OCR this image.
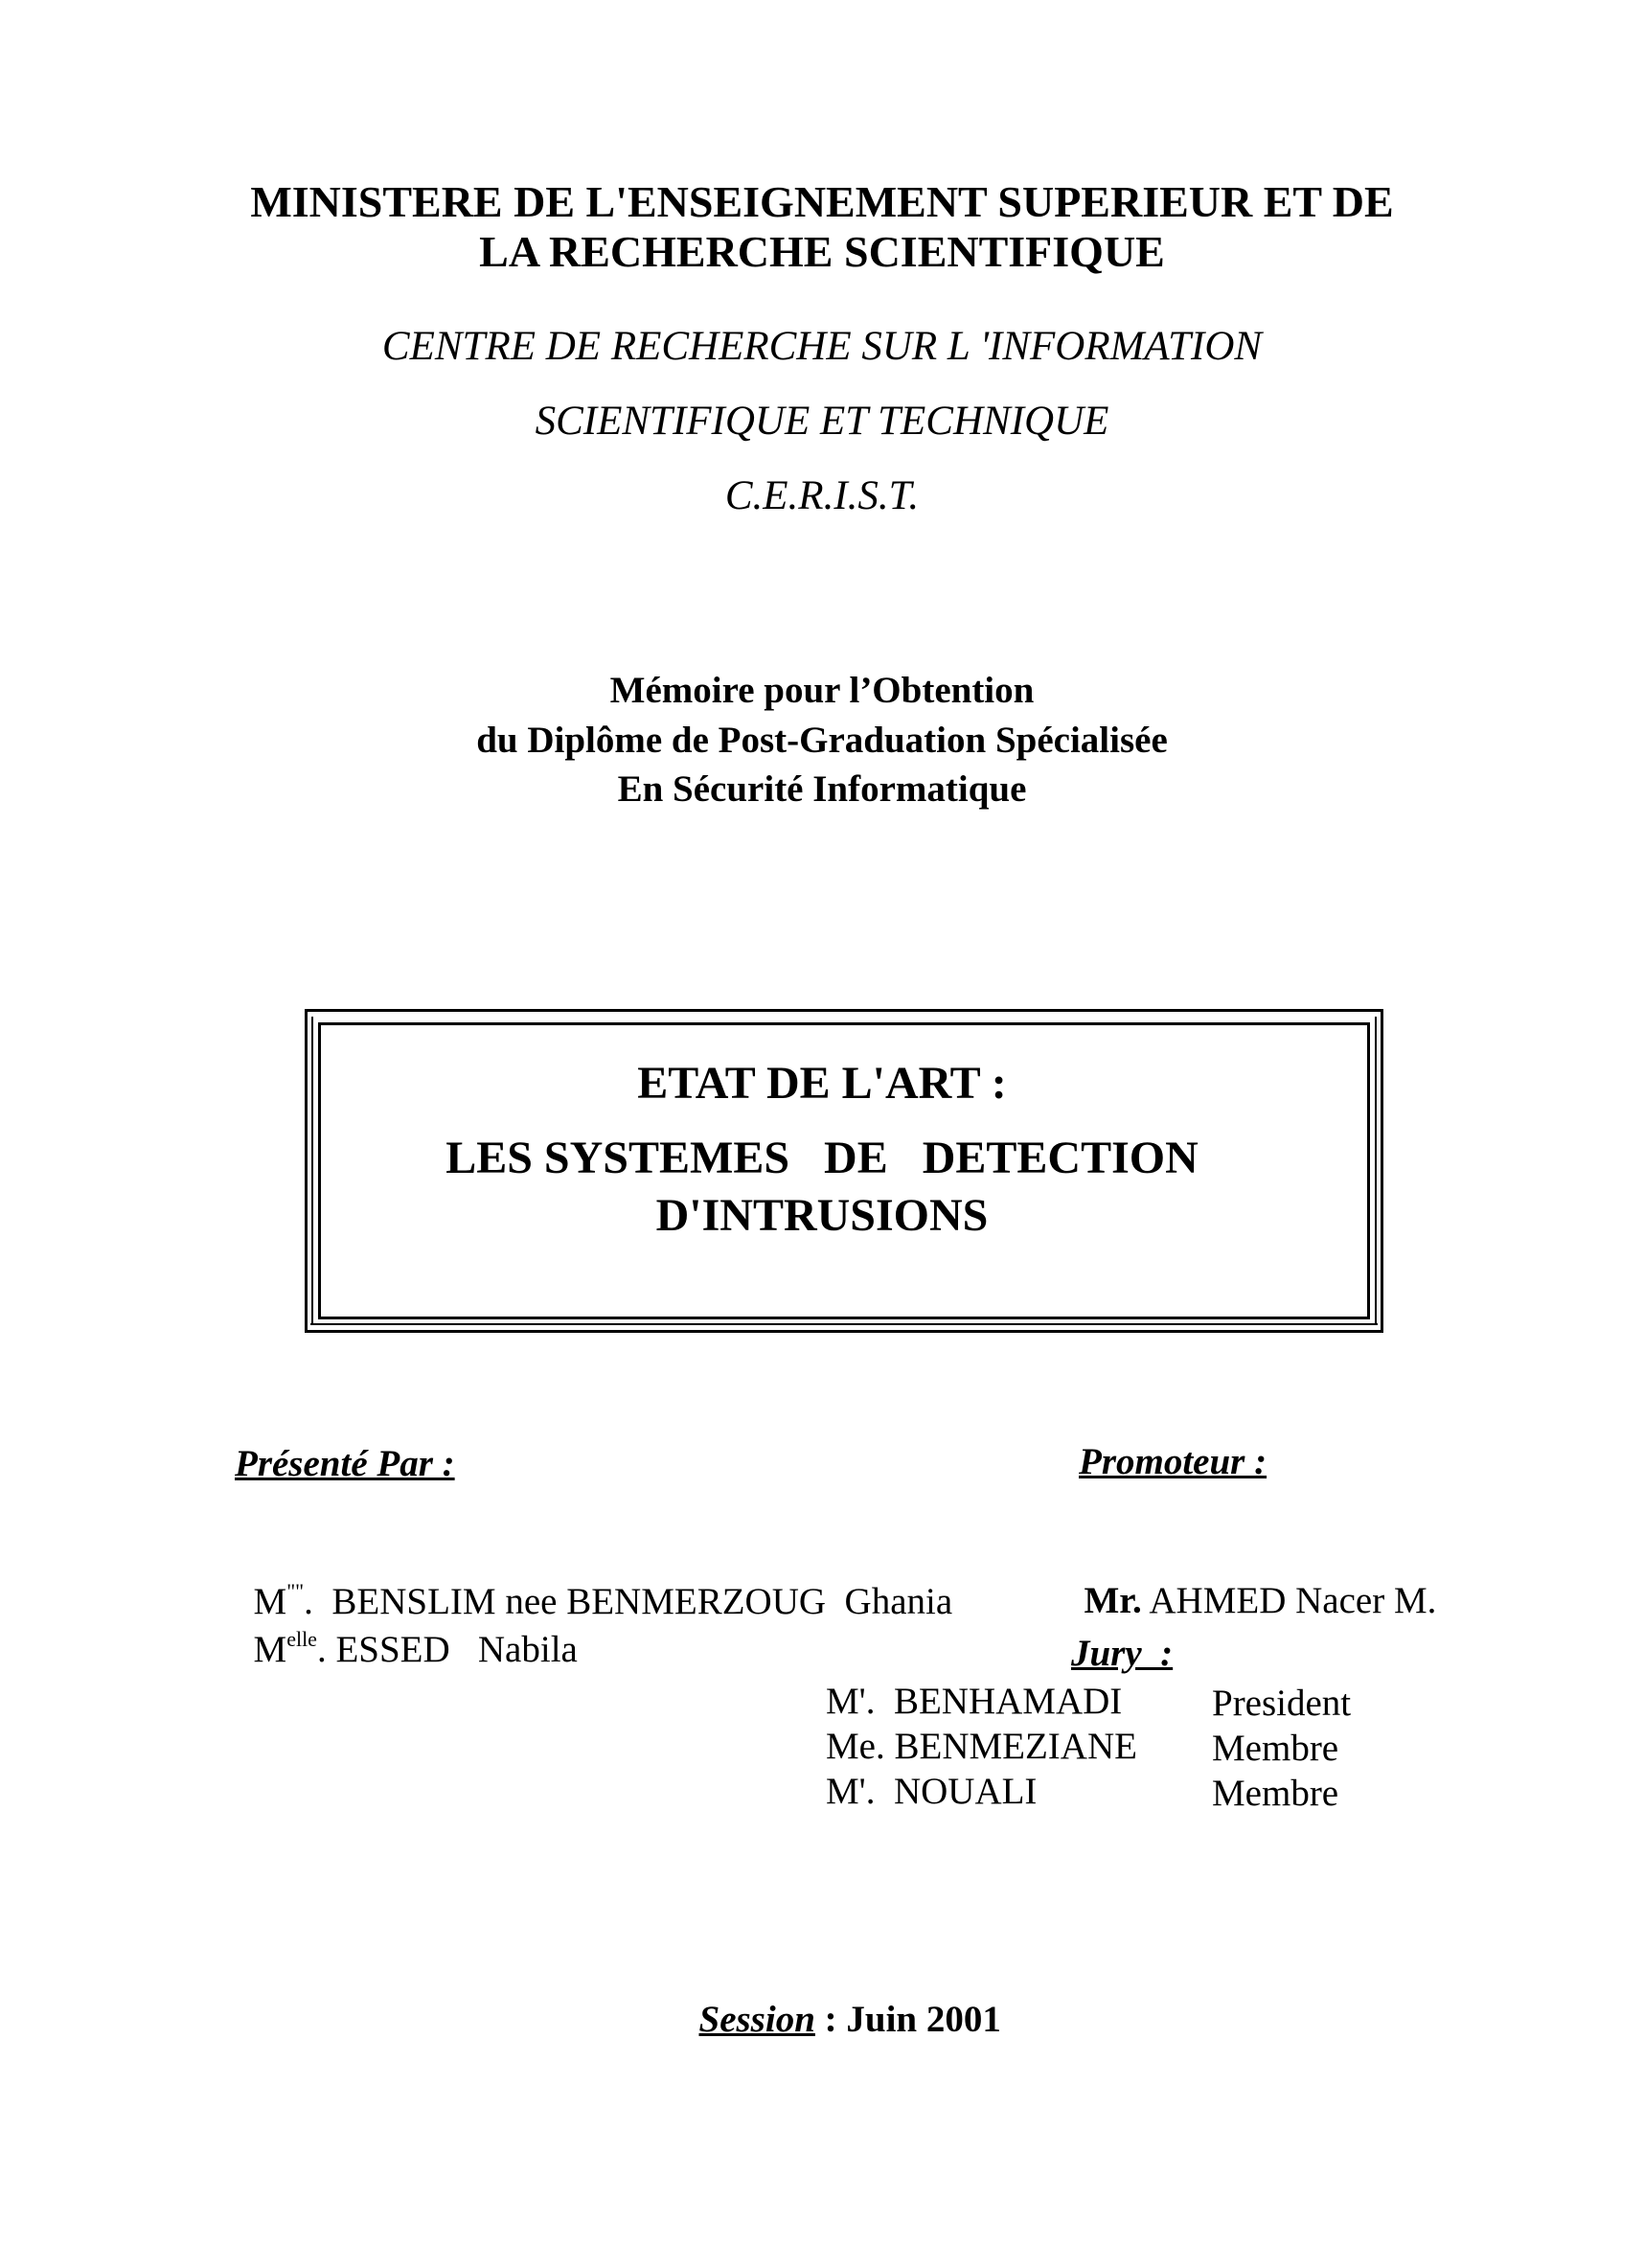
MINISTERE DE L'ENSEIGNEMENT SUPERIEUR ET DE
LA RECHERCHE SCIENTIFIQUE
CENTRE DE RECHERCHE SUR L 'INFORMATION
SCIENTIFIQUE ET TECHNIQUE
C.E.R.I.S.T.
Mémoire pour l’Obtention
du Diplôme de Post-Graduation Spécialisée
En Sécurité Informatique
ETAT DE L'ART :
LES SYSTEMES   DE   DETECTION
D'INTRUSIONS
Présenté Par :

M"".  BENSLIM nee BENMERZOUG  Ghania

$M^{elle}$. ESSED   Nabila

Promoteur :

Mr. AHMED Nacer M.

Jury  :
M'.  BENHAMADI President
Me. BENMEZIANE Membre
M'.  NOUALI	Membre

Session : Juin 2001
